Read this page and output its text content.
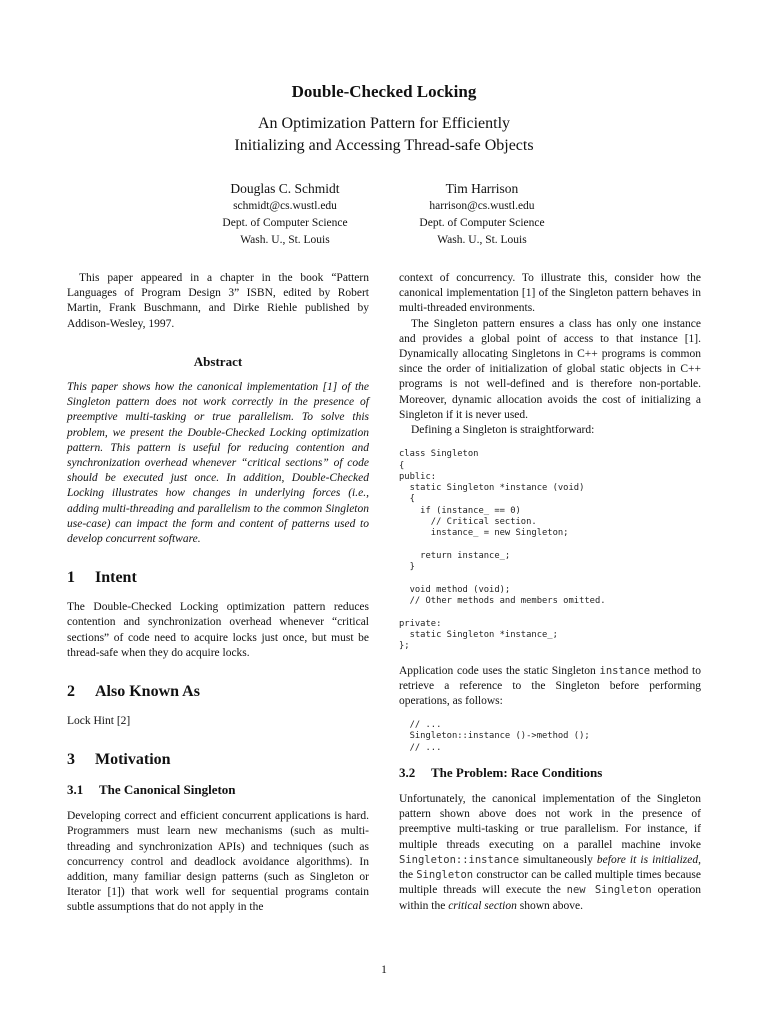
Double-Checked Locking
An Optimization Pattern for Efficiently
Initializing and Accessing Thread-safe Objects
Douglas C. Schmidt
schmidt@cs.wustl.edu
Dept. of Computer Science
Wash. U., St. Louis
Tim Harrison
harrison@cs.wustl.edu
Dept. of Computer Science
Wash. U., St. Louis

This paper appeared in a chapter in the book “Pattern Languages of Program Design 3” ISBN, edited by Robert Martin, Frank Buschmann, and Dirke Riehle published by Addison-Wesley, 1997.

Abstract

This paper shows how the canonical implementation [1] of the Singleton pattern does not work correctly in the presence of preemptive multi-tasking or true parallelism. To solve this problem, we present the Double-Checked Locking optimization pattern. This pattern is useful for reducing contention and synchronization overhead whenever “critical sections” of code should be executed just once. In addition, Double-Checked Locking illustrates how changes in underlying forces (i.e., adding multi-threading and parallelism to the common Singleton use-case) can impact the form and content of patterns used to develop concurrent software.

1 Intent

The Double-Checked Locking optimization pattern reduces contention and synchronization overhead whenever “critical sections” of code need to acquire locks just once, but must be thread-safe when they do acquire locks.

2 Also Known As

Lock Hint [2]

3 Motivation
3.1 The Canonical Singleton

Developing correct and efficient concurrent applications is hard. Programmers must learn new mechanisms (such as multi-threading and synchronization APIs) and techniques (such as concurrency control and deadlock avoidance algorithms). In addition, many familiar design patterns (such as Singleton or Iterator [1]) that work well for sequential programs contain subtle assumptions that do not apply in the

context of concurrency. To illustrate this, consider how the canonical implementation [1] of the Singleton pattern behaves in multi-threaded environments.

The Singleton pattern ensures a class has only one instance and provides a global point of access to that instance [1]. Dynamically allocating Singletons in C++ programs is common since the order of initialization of global static objects in C++ programs is not well-defined and is therefore non-portable. Moreover, dynamic allocation avoids the cost of initializing a Singleton if it is never used.

Defining a Singleton is straightforward:

class Singleton
{
public:
static Singleton *instance (void)
{
if (instance_ == 0)
// Critical section.
instance_ = new Singleton;

return instance_;
}

void method (void);
// Other methods and members omitted.

private:
static Singleton *instance_;
};

Application code uses the static Singleton instance method to retrieve a reference to the Singleton before performing operations, as follows:

// ...
Singleton::instance ()->method ();
// ...
3.2 The Problem: Race Conditions

Unfortunately, the canonical implementation of the Singleton pattern shown above does not work in the presence of preemptive multi-tasking or true parallelism. For instance, if multiple threads executing on a parallel machine invoke Singleton::instance simultaneously before it is initialized, the Singleton constructor can be called multiple times because multiple threads will execute the new Singleton operation within the critical section shown above.

1
